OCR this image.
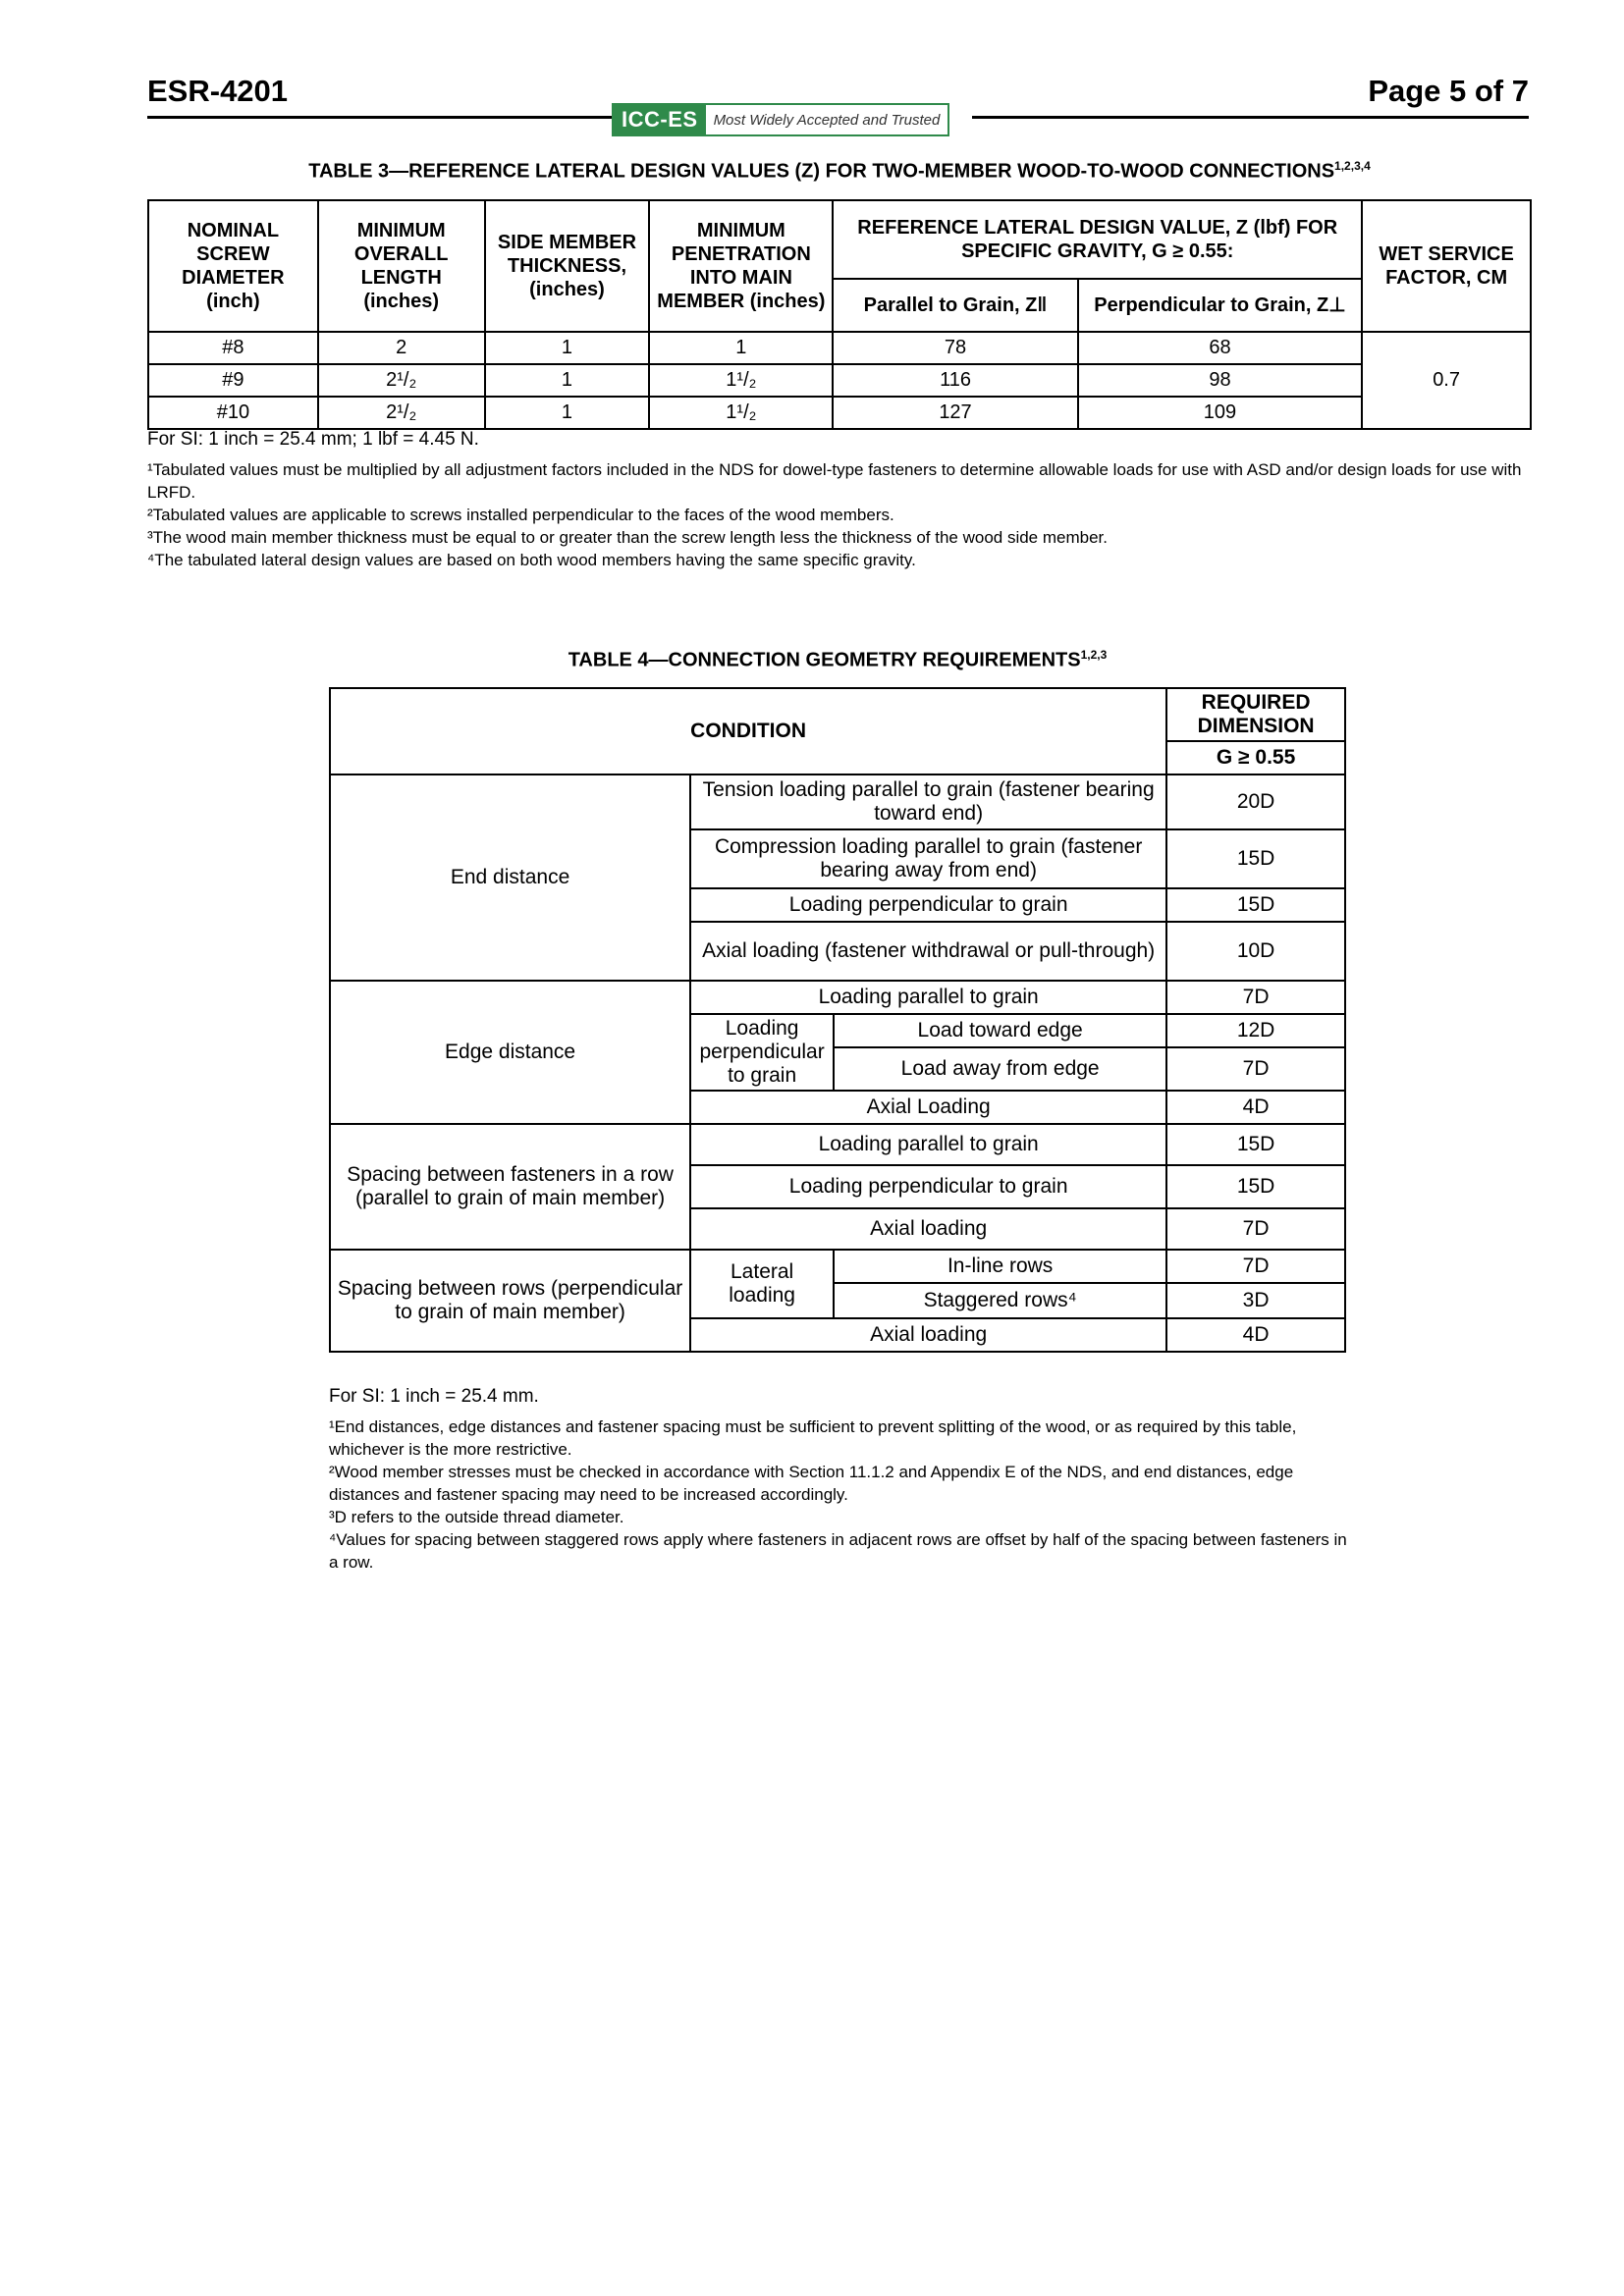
ESR-4201	Page 5 of 7
ICC-ES	Most Widely Accepted and Trusted
TABLE 3—REFERENCE LATERAL DESIGN VALUES (Z) FOR TWO-MEMBER WOOD-TO-WOOD CONNECTIONS$^{1,2,3,4}$
NOMINAL SCREW DIAMETER (inch)	MINIMUM OVERALL LENGTH (inches)	SIDE MEMBER THICKNESS, (inches)	MINIMUM PENETRATION INTO MAIN MEMBER (inches)	REFERENCE LATERAL DESIGN VALUE, Z (lbf) FOR SPECIFIC GRAVITY, G ≥ 0.55:		WET SERVICE FACTOR, CM
				Parallel to Grain, Z‖	Perpendicular to Grain, Z⊥	
#8	2	1	1	78	68	0.7
#9	2¹/₂	1	1¹/₂	116	98	
#10	2¹/₂	1	1¹/₂	127	109	

For SI: 1 inch = 25.4 mm; 1 lbf = 4.45 N.

¹Tabulated values must be multiplied by all adjustment factors included in the NDS for dowel-type fasteners to determine allowable loads for use with ASD and/or design loads for use with LRFD.

²Tabulated values are applicable to screws installed perpendicular to the faces of the wood members.

³The wood main member thickness must be equal to or greater than the screw length less the thickness of the wood side member.

⁴The tabulated lateral design values are based on both wood members having the same specific gravity.

TABLE 4—CONNECTION GEOMETRY REQUIREMENTS$^{1,2,3}$
CONDITION			REQUIRED DIMENSION
			G ≥ 0.55
End distance	Tension loading parallel to grain (fastener bearing toward end)		20D
	Compression loading parallel to grain (fastener bearing away from end)		15D
	Loading perpendicular to grain		15D
	Axial loading (fastener withdrawal or pull-through)		10D
Edge distance	Loading parallel to grain		7D
	Loading perpendicular to grain	Load toward edge	12D
		Load away from edge	7D
	Axial Loading		4D
Spacing between fasteners in a row (parallel to grain of main member)	Loading parallel to grain		15D
	Loading perpendicular to grain		15D
	Axial loading		7D
Spacing between rows (perpendicular to grain of main member)	Lateral loading	In-line rows	7D
		Staggered rows⁴	3D
	Axial loading		4D

For SI: 1 inch = 25.4 mm.

¹End distances, edge distances and fastener spacing must be sufficient to prevent splitting of the wood, or as required by this table, whichever is the more restrictive.

²Wood member stresses must be checked in accordance with Section 11.1.2 and Appendix E of the NDS, and end distances, edge distances and fastener spacing may need to be increased accordingly.

³D refers to the outside thread diameter.

⁴Values for spacing between staggered rows apply where fasteners in adjacent rows are offset by half of the spacing between fasteners in a row.
